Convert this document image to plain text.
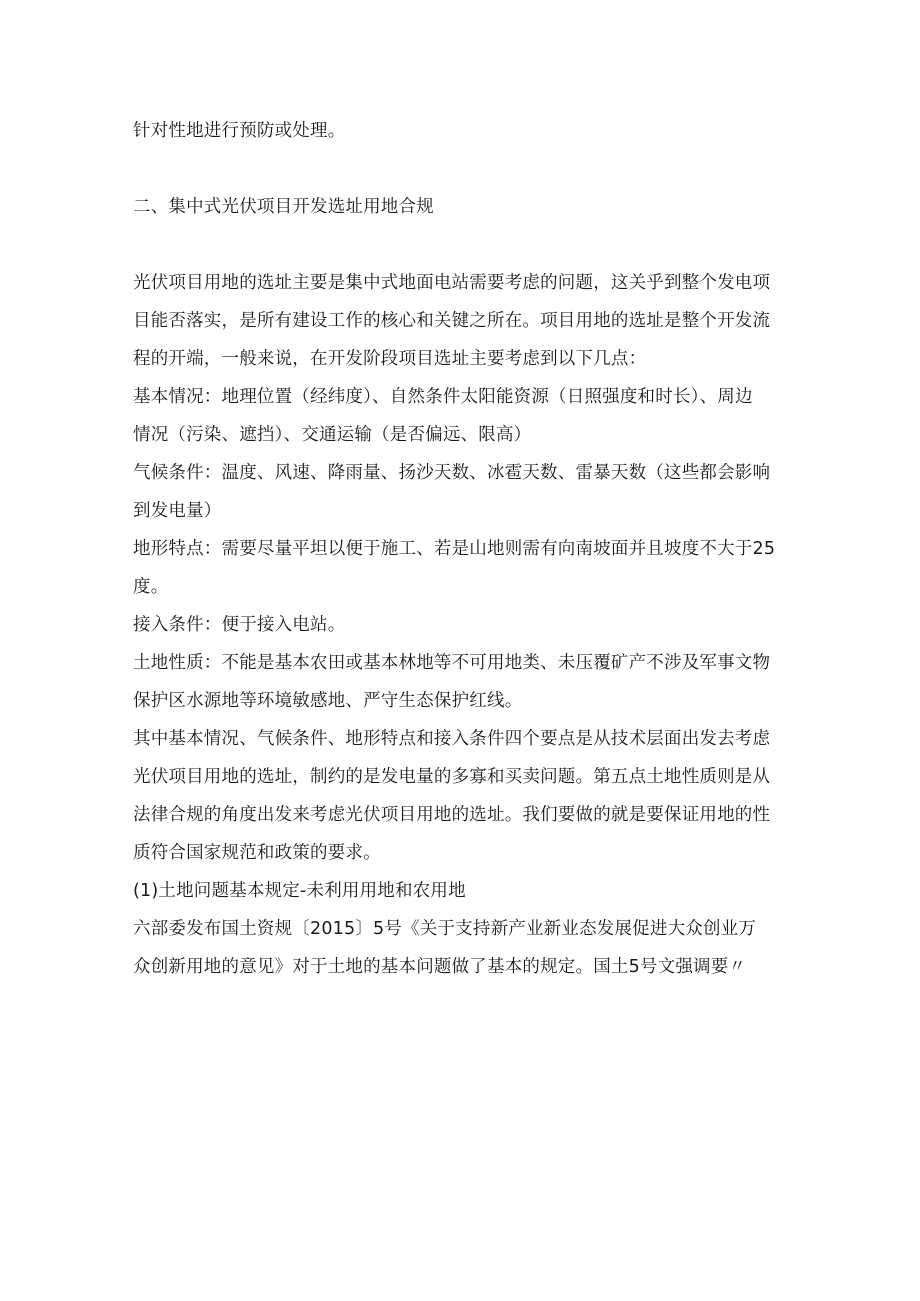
针对性地进行预防或处理。

二、集中式光伏项目开发选址用地合规

光伏项目用地的选址主要是集中式地面电站需要考虑的问题，这关乎到整个发电项
目能否落实，是所有建设工作的核心和关键之所在。项目用地的选址是整个开发流
程的开端，一般来说，在开发阶段项目选址主要考虑到以下几点：

基本情况：地理位置（经纬度）、自然条件太阳能资源（日照强度和时长）、周边
情况（污染、遮挡）、交通运输（是否偏远、限高）

气候条件：温度、风速、降雨量、扬沙天数、冰雹天数、雷暴天数（这些都会影响
到发电量）

地形特点：需要尽量平坦以便于施工、若是山地则需有向南坡面并且坡度不大于25
度。

接入条件：便于接入电站。

土地性质：不能是基本农田或基本林地等不可用地类、未压覆矿产不涉及军事文物
保护区水源地等环境敏感地、严守生态保护红线。

其中基本情况、气候条件、地形特点和接入条件四个要点是从技术层面出发去考虑
光伏项目用地的选址，制约的是发电量的多寡和买卖问题。第五点土地性质则是从
法律合规的角度出发来考虑光伏项目用地的选址。我们要做的就是要保证用地的性
质符合国家规范和政策的要求。

(1)土地问题基本规定-未利用用地和农用地

六部委发布国土资规〔2015〕5号《关于支持新产业新业态发展促进大众创业万
众创新用地的意见》对于土地的基本问题做了基本的规定。国土5号文强调要〃
